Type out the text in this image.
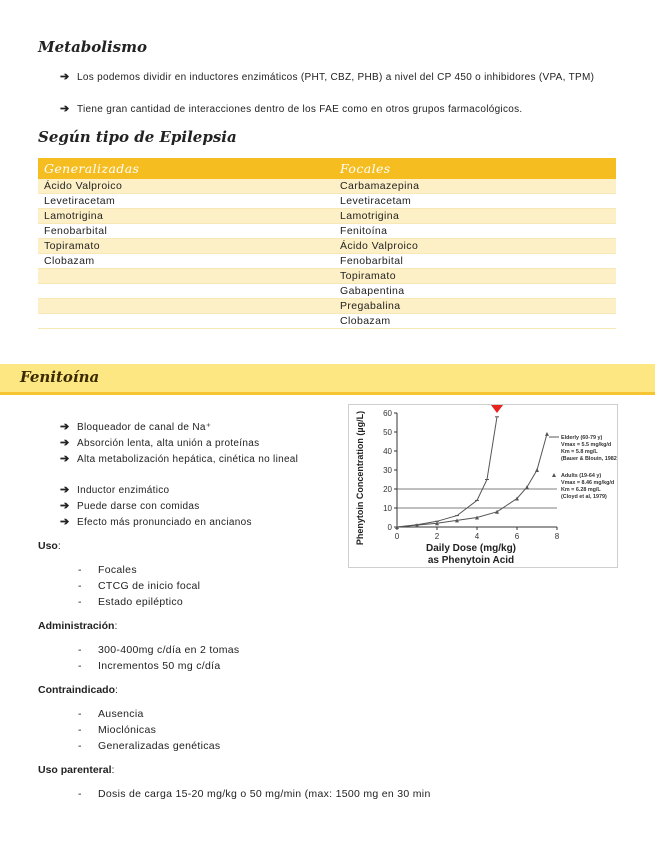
Metabolismo
➔ Los podemos dividir en inductores enzimáticos (PHT, CBZ, PHB) a nivel del CP 450 o inhibidores (VPA, TPM)
➔ Tiene gran cantidad de interacciones dentro de los FAE como en otros grupos farmacológicos.
Según tipo de Epilepsia
Generalizadas	Focales
Ácido Valproico	Carbamazepina
Levetiracetam	Levetiracetam
Lamotrigina	Lamotrigina
Fenobarbital	Fenitoína
Topiramato	Ácido Valproico
Clobazam	Fenobarbital
	Topiramato
	Gabapentina
	Pregabalina
	Clobazam
Fenitoína
➔ Bloqueador de canal de Na⁺
➔ Absorción lenta, alta unión a proteínas
➔ Alta metabolización hepática, cinética no lineal
➔ Inductor enzimático
➔ Puede darse con comidas
➔ Efecto más pronunciado en ancianos
Uso:
- Focales
- CTCG de inicio focal
- Estado epiléptico
Administración:
- 300-400mg c/día en 2 tomas
- Incrementos 50 mg c/día
Contraindicado:
- Ausencia
- Mioclónicas
- Generalizadas genéticas
Uso parenteral:
- Dosis de carga 15-20 mg/kg o 50 mg/min (max: 1500 mg en 30 min
Phenytoin Concentration (µg/L)
Daily Dose (mg/kg)
as Phenytoin Acid
0
10
20
30
40
50
60
0	2	4	6	8
Elderly (60-79 y)
Vmax = 5.5 mg/kg/d
Km = 5.8 mg/L
(Bauer & Blouin, 1982)
Adults (19-64 y)
Vmax = 8.46 mg/kg/d
Km = 6.28 mg/L
(Cloyd et al, 1979)
